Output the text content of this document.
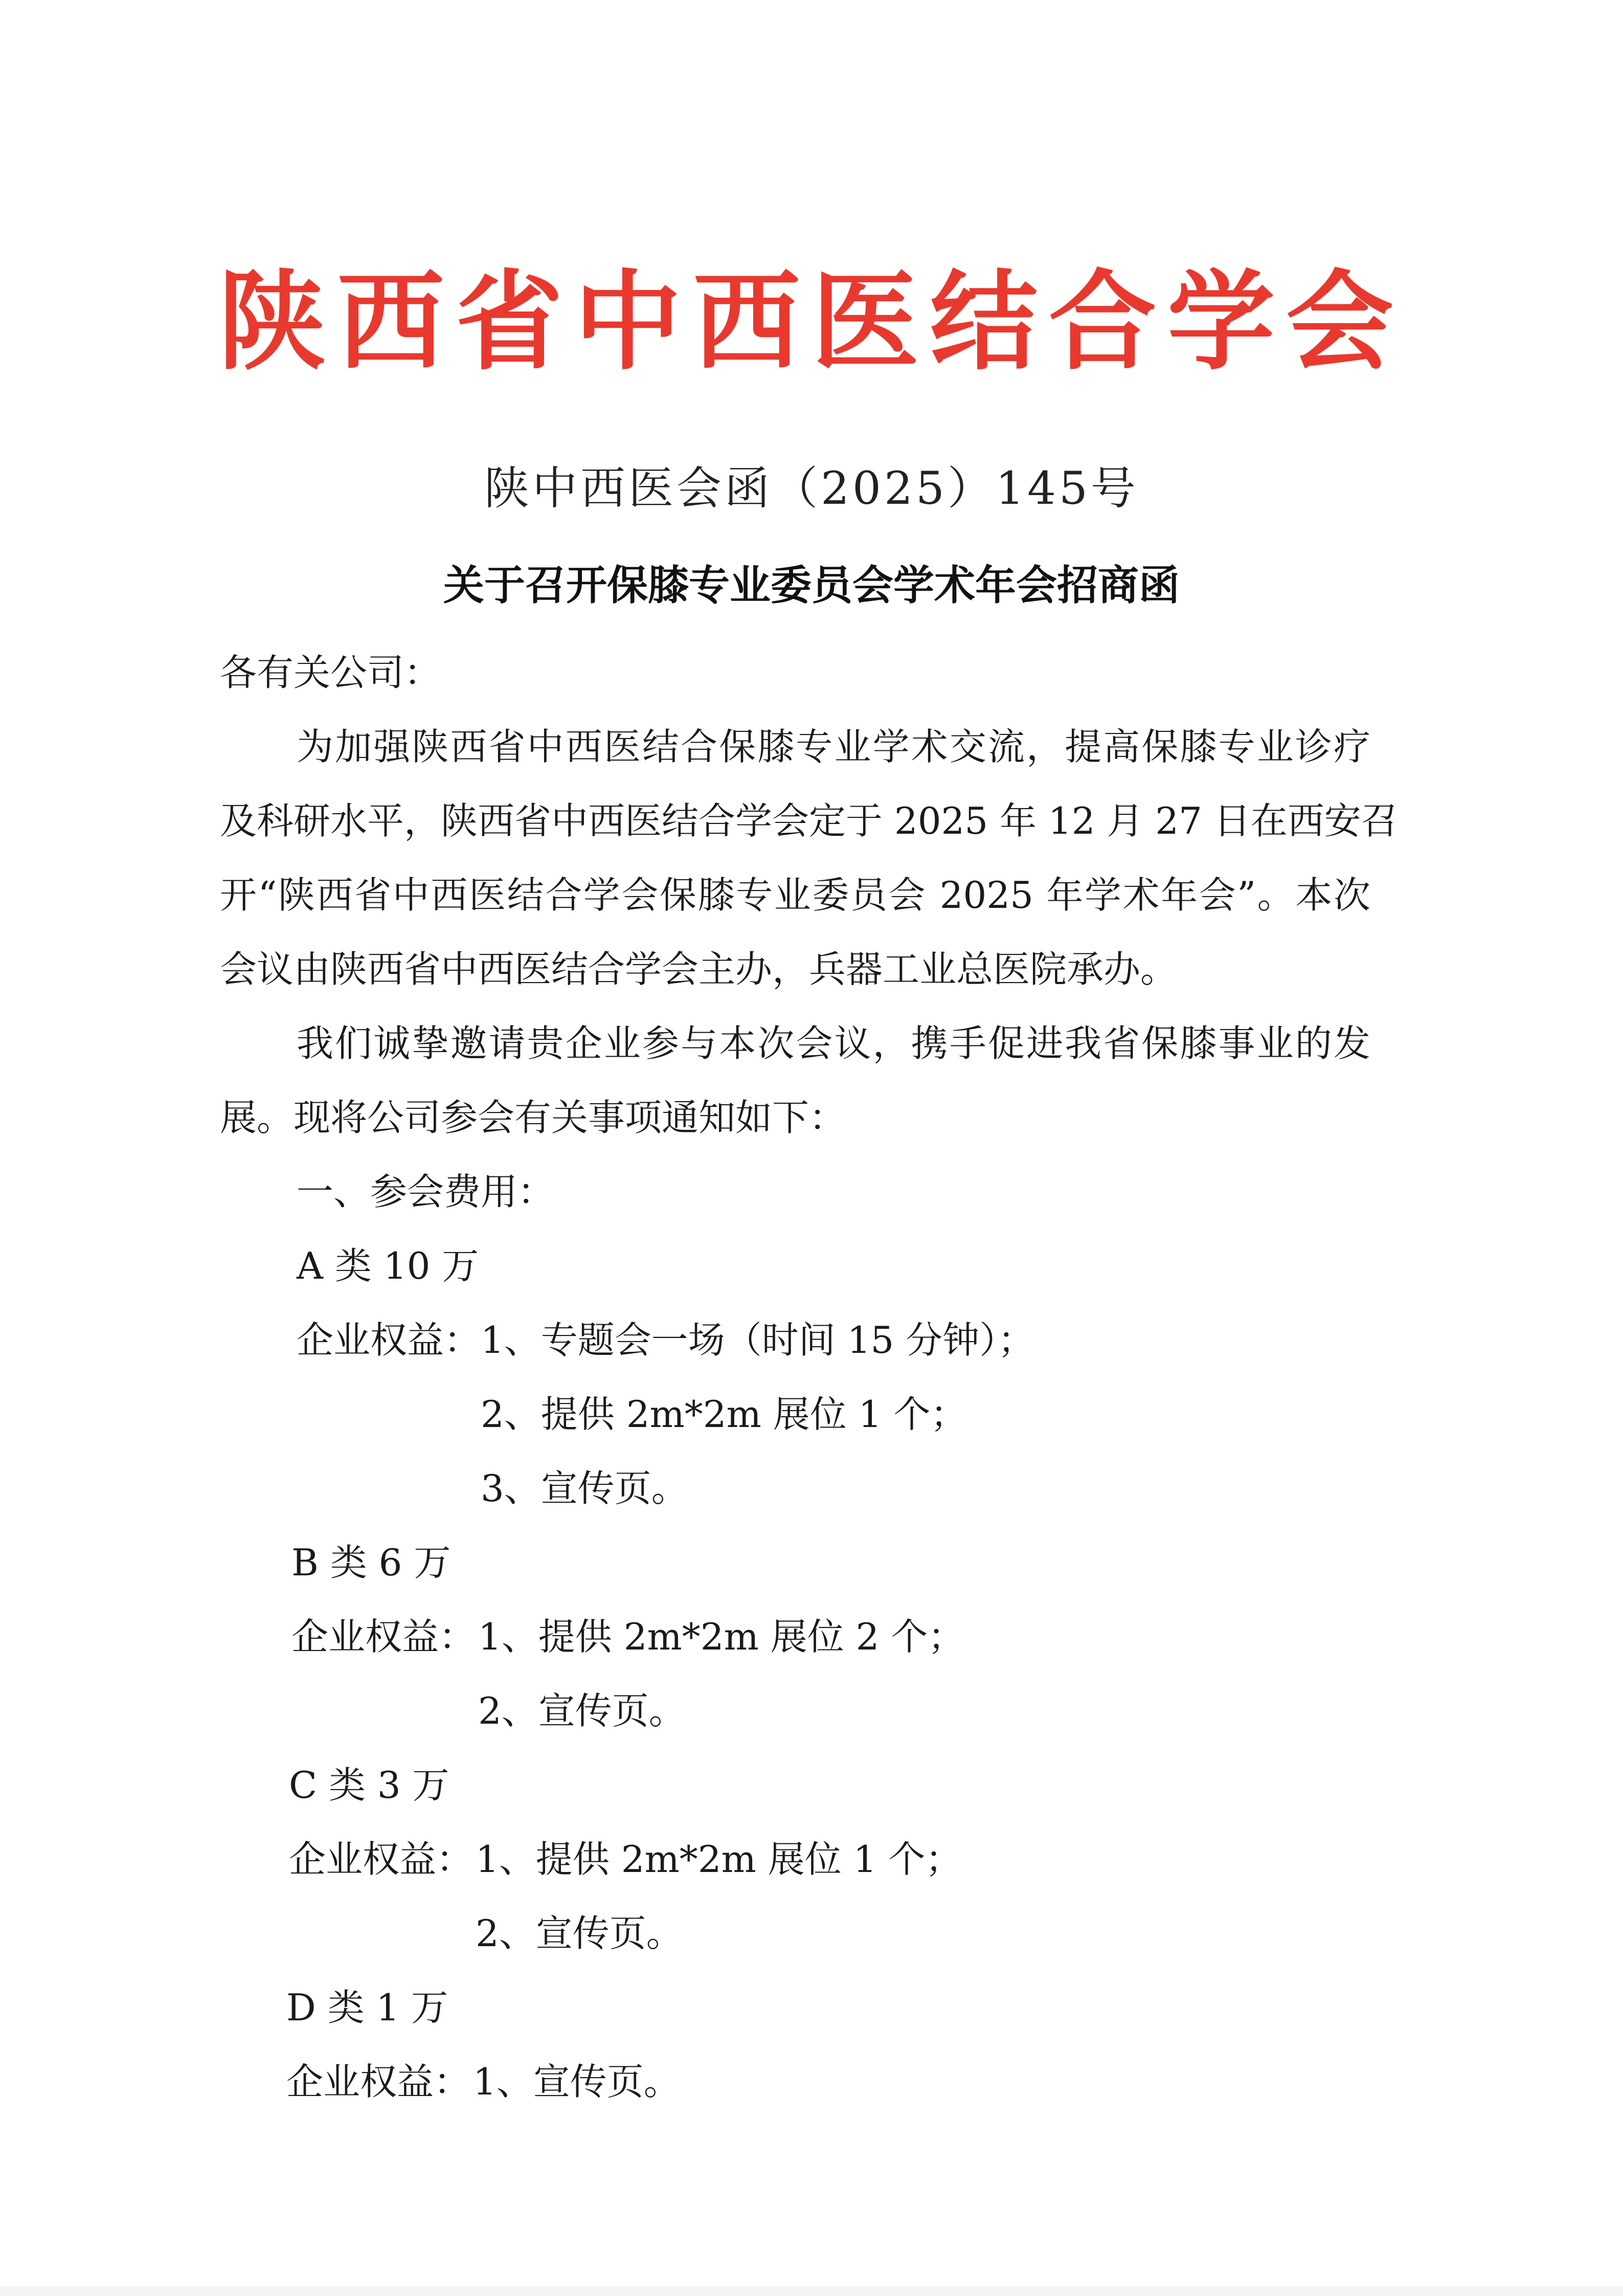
陕西省中西医结合学会
陕中西医会函（2025）145号
关于召开保膝专业委员会学术年会招商函
各有关公司：
为加强陕西省中西医结合保膝专业学术交流，提高保膝专业诊疗
及科研水平，陕西省中西医结合学会定于 2025 年 12 月 27 日在西安召
开“陕西省中西医结合学会保膝专业委员会 2025 年学术年会”。本次
会议由陕西省中西医结合学会主办，兵器工业总医院承办。
我们诚挚邀请贵企业参与本次会议，携手促进我省保膝事业的发
展。现将公司参会有关事项通知如下：
一、参会费用：
A 类 10 万
企业权益： 1、专题会一场（时间 15 分钟）；
2、提供 2m*2m 展位 1 个；
3、宣传页。
B 类 6 万
企业权益： 1、提供 2m*2m 展位 2 个；
2、宣传页。
C 类 3 万
企业权益： 1、提供 2m*2m 展位 1 个；
2、宣传页。
D 类 1 万
企业权益： 1、宣传页。
